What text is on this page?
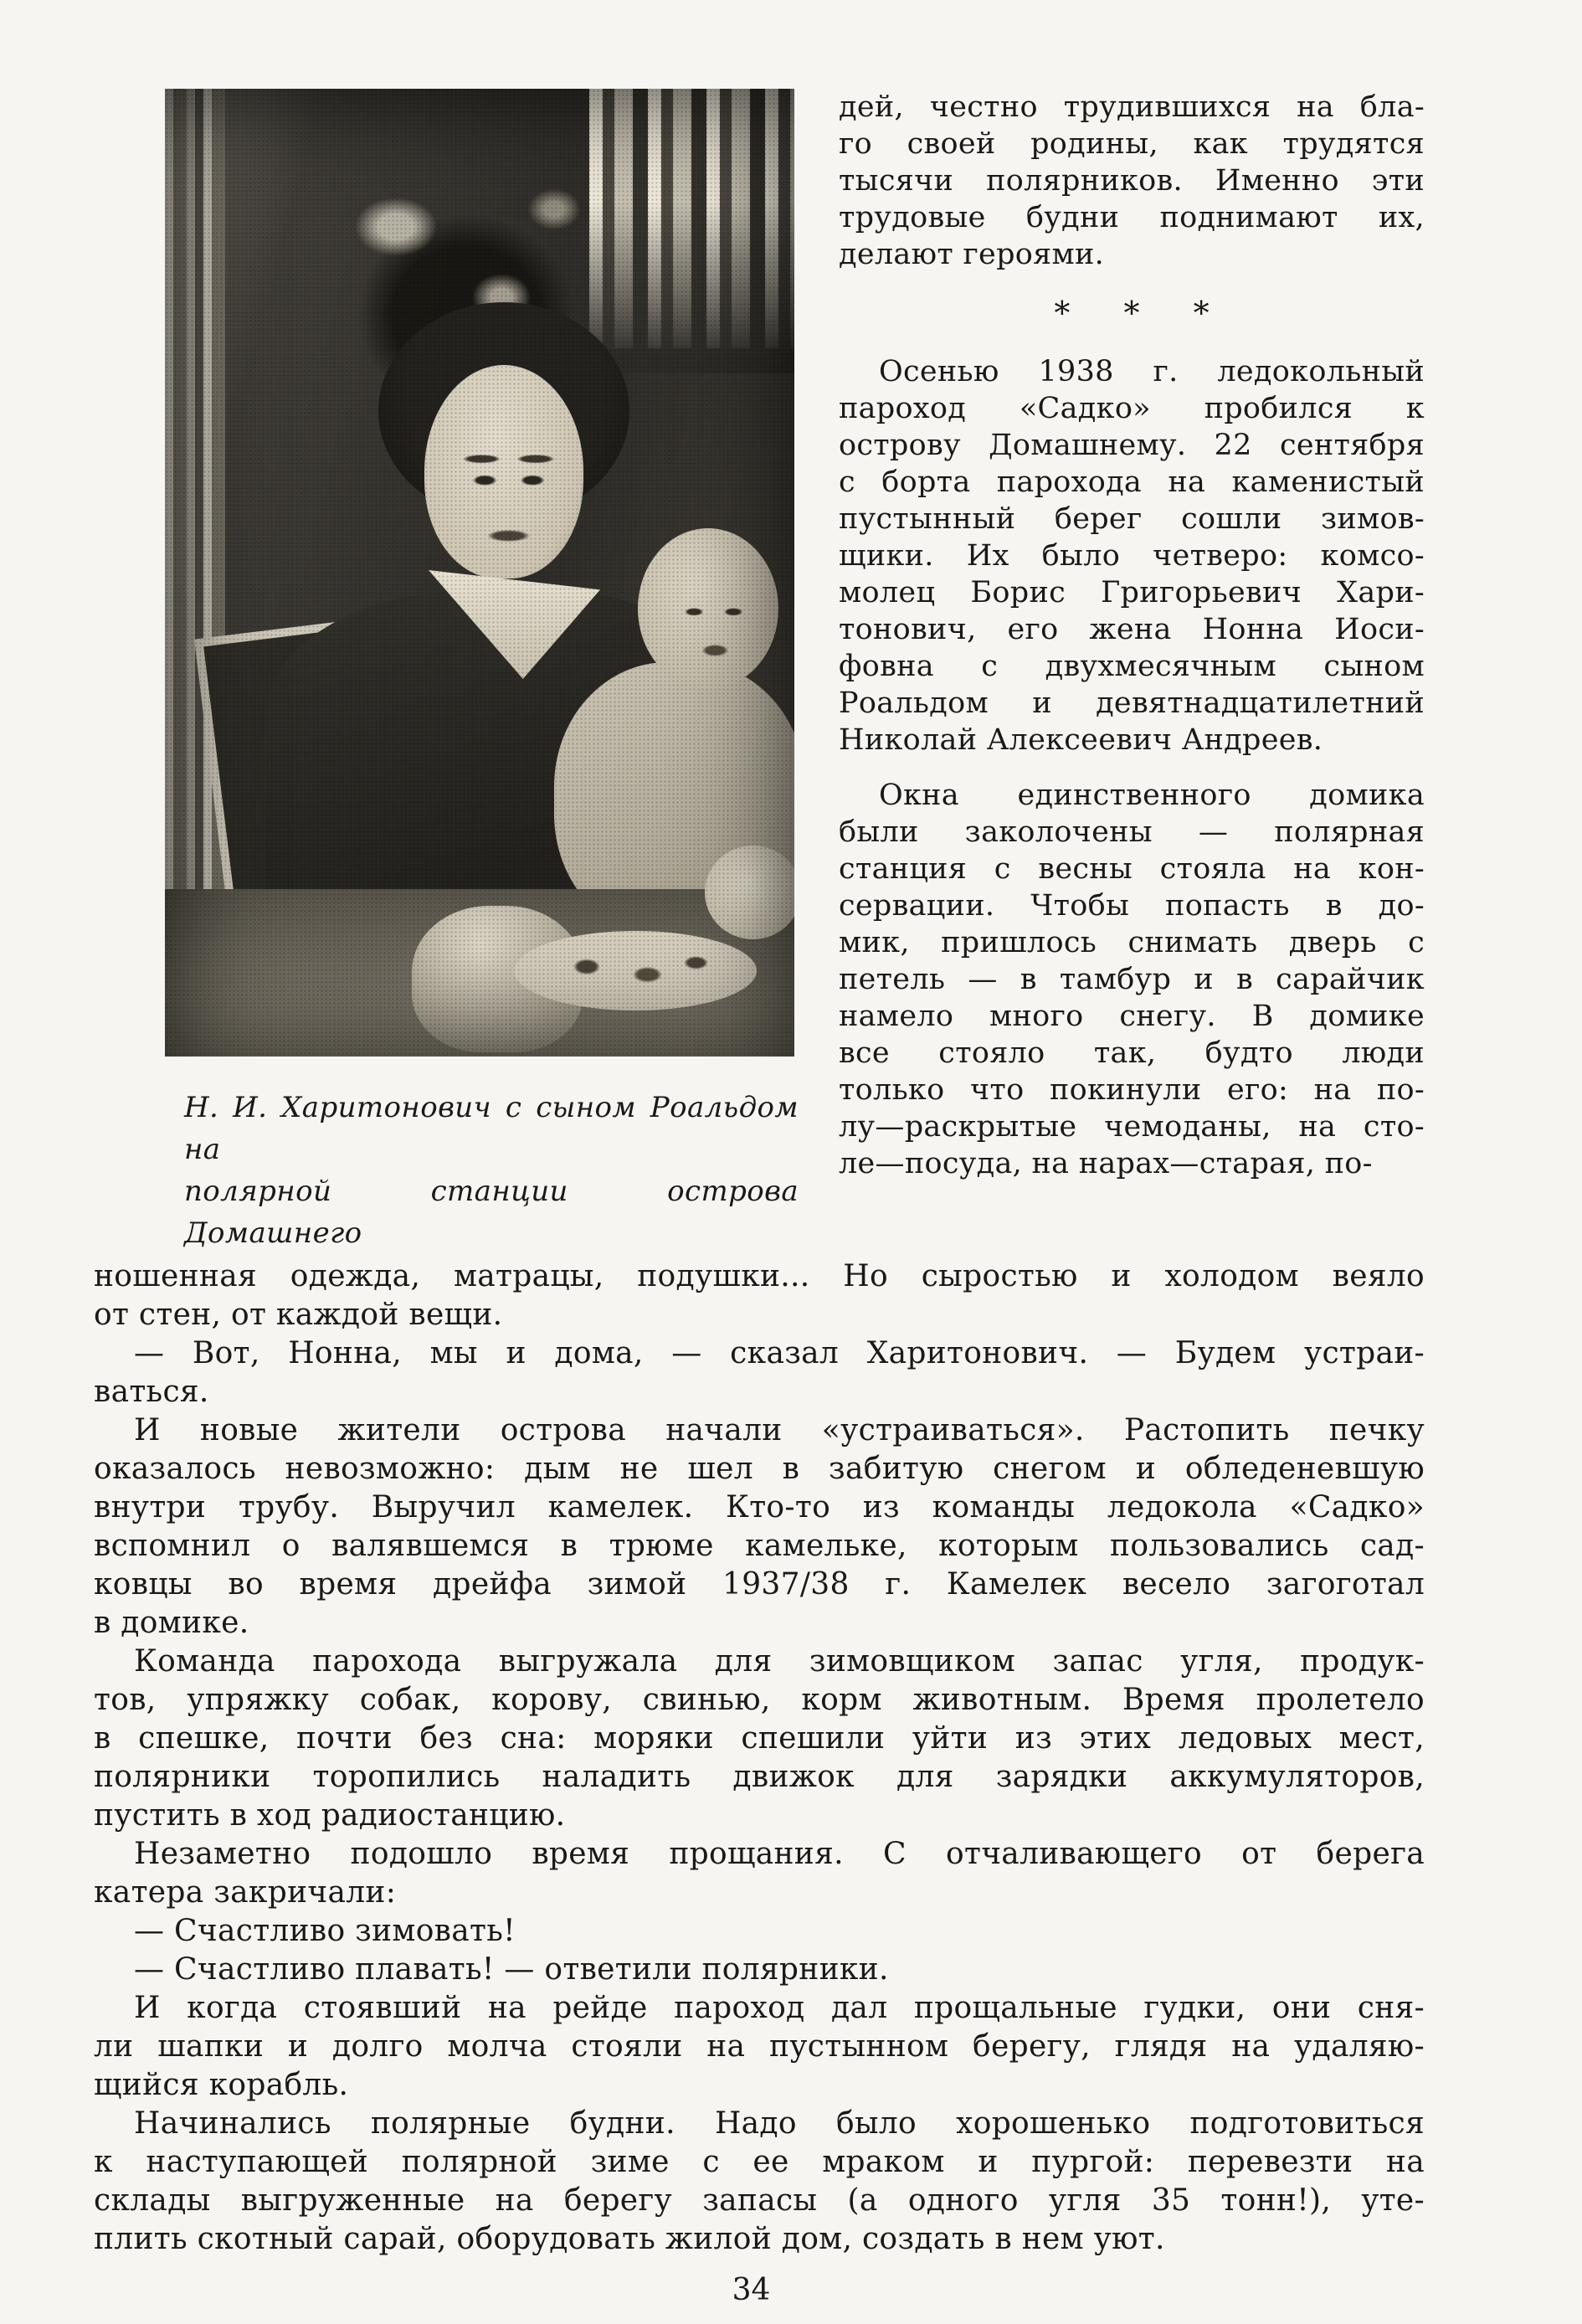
Н. И. Харитонович с сыном Роальдом на
полярной станции острова Домашнего
дей, честно трудившихся на бла-
го своей родины, как трудятся
тысячи полярников. Именно эти
трудовые будни поднимают их,
делают героями.
* * *
Осенью 1938 г. ледокольный
пароход «Садко» пробился к
острову Домашнему. 22 сентября
с борта парохода на каменистый
пустынный берег сошли зимов-
щики. Их было четверо: комсо-
молец Борис Григорьевич Хари-
тонович, его жена Нонна Иоси-
фовна с двухмесячным сыном
Роальдом и девятнадцатилетний
Николай Алексеевич Андреев.
Окна единственного домика
были заколочены — полярная
станция с весны стояла на кон-
сервации. Чтобы попасть в до-
мик, пришлось снимать дверь с
петель — в тамбур и в сарайчик
намело много снегу. В домике
все стояло так, будто люди
только что покинули его: на по-
лу—раскрытые чемоданы, на сто-
ле—посуда, на нарах—старая, по-
ношенная одежда, матрацы, подушки... Но сыростью и холодом веяло
от стен, от каждой вещи.
— Вот, Нонна, мы и дома, — сказал Харитонович. — Будем устраи-
ваться.
И новые жители острова начали «устраиваться». Растопить печку
оказалось невозможно: дым не шел в забитую снегом и обледеневшую
внутри трубу. Выручил камелек. Кто-то из команды ледокола «Садко»
вспомнил о валявшемся в трюме камельке, которым пользовались сад-
ковцы во время дрейфа зимой 1937/38 г. Камелек весело загоготал
в домике.
Команда парохода выгружала для зимовщиком запас угля, продук-
тов, упряжку собак, корову, свинью, корм животным. Время пролетело
в спешке, почти без сна: моряки спешили уйти из этих ледовых мест,
полярники торопились наладить движок для зарядки аккумуляторов,
пустить в ход радиостанцию.
Незаметно подошло время прощания. С отчаливающего от берега
катера закричали:
— Счастливо зимовать!
— Счастливо плавать! — ответили полярники.
И когда стоявший на рейде пароход дал прощальные гудки, они сня-
ли шапки и долго молча стояли на пустынном берегу, глядя на удаляю-
щийся корабль.
Начинались полярные будни. Надо было хорошенько подготовиться
к наступающей полярной зиме с ее мраком и пургой: перевезти на
склады выгруженные на берегу запасы (а одного угля 35 тонн!), уте-
плить скотный сарай, оборудовать жилой дом, создать в нем уют.
34
